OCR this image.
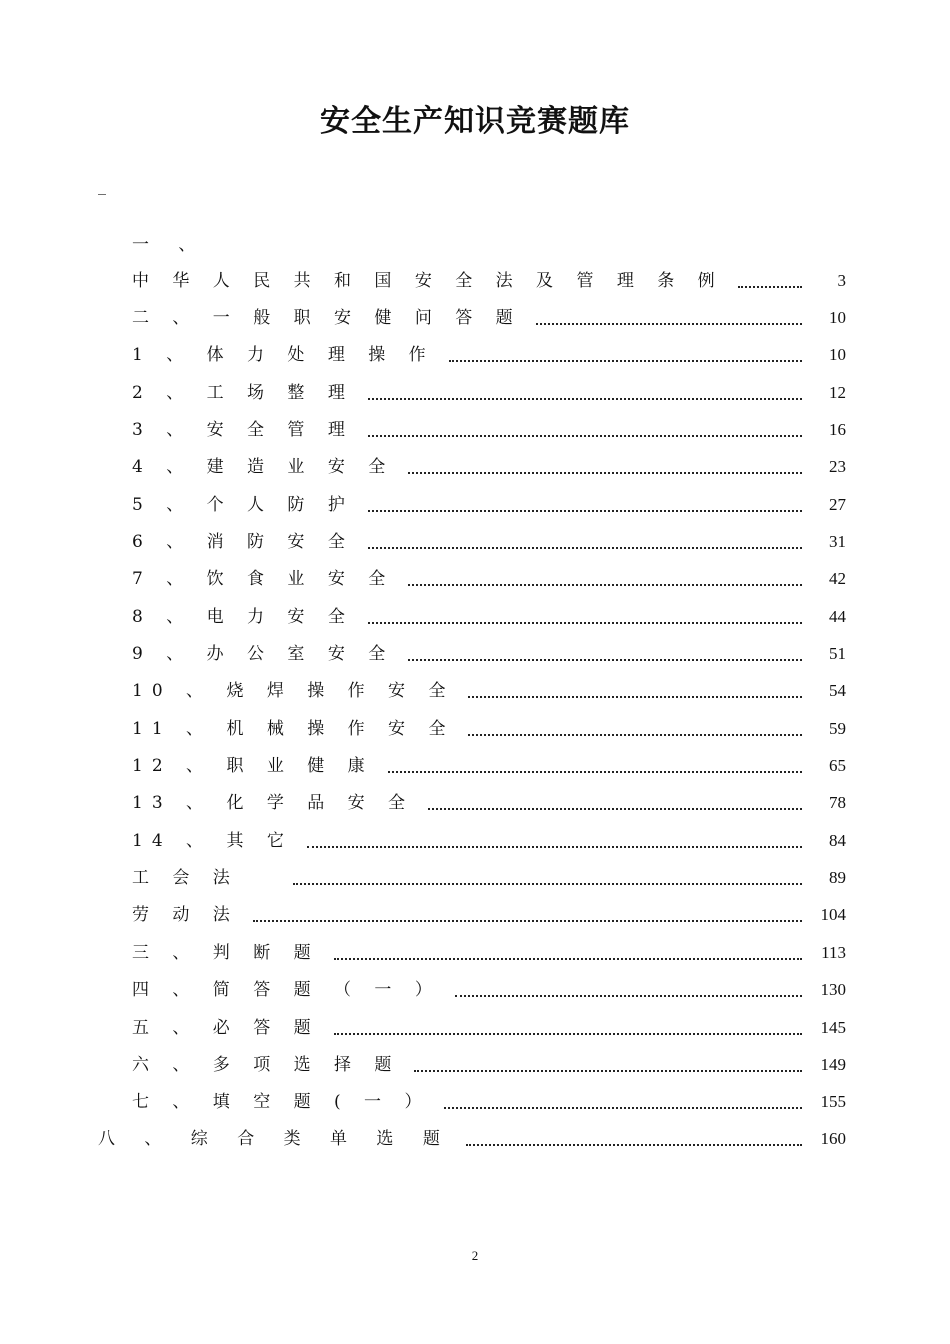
安全生产知识竞赛题库
_
一 、
中 华 人 民 共 和 国 安 全 法 及 管 理 条 例	3
二 、 一 般 职 安 健 问 答 题	10
1 、 体 力 处 理 操 作	10
2 、 工 场 整 理	12
3 、 安 全 管 理	16
4 、 建 造 业 安 全	23
5 、 个 人 防 护	27
6 、 消 防 安 全	31
7 、 饮 食 业 安 全	42
8 、 电 力 安 全	44
9 、 办 公 室 安 全	51
10 、 烧 焊 操 作 安 全	54
11 、 机 械 操 作 安 全	59
12 、 职 业 健 康	65
13 、 化 学 品 安 全	78
14 、 其 它	84
工 会 法	89
劳 动 法	104
三 、 判 断 题	113
四 、 简 答 题 （ 一 ）	130
五 、 必 答 题	145
六 、 多 项 选 择 题	149
七 、 填 空 题 ( 一 ）	155
八 、 综 合 类 单 选 题	160
2
